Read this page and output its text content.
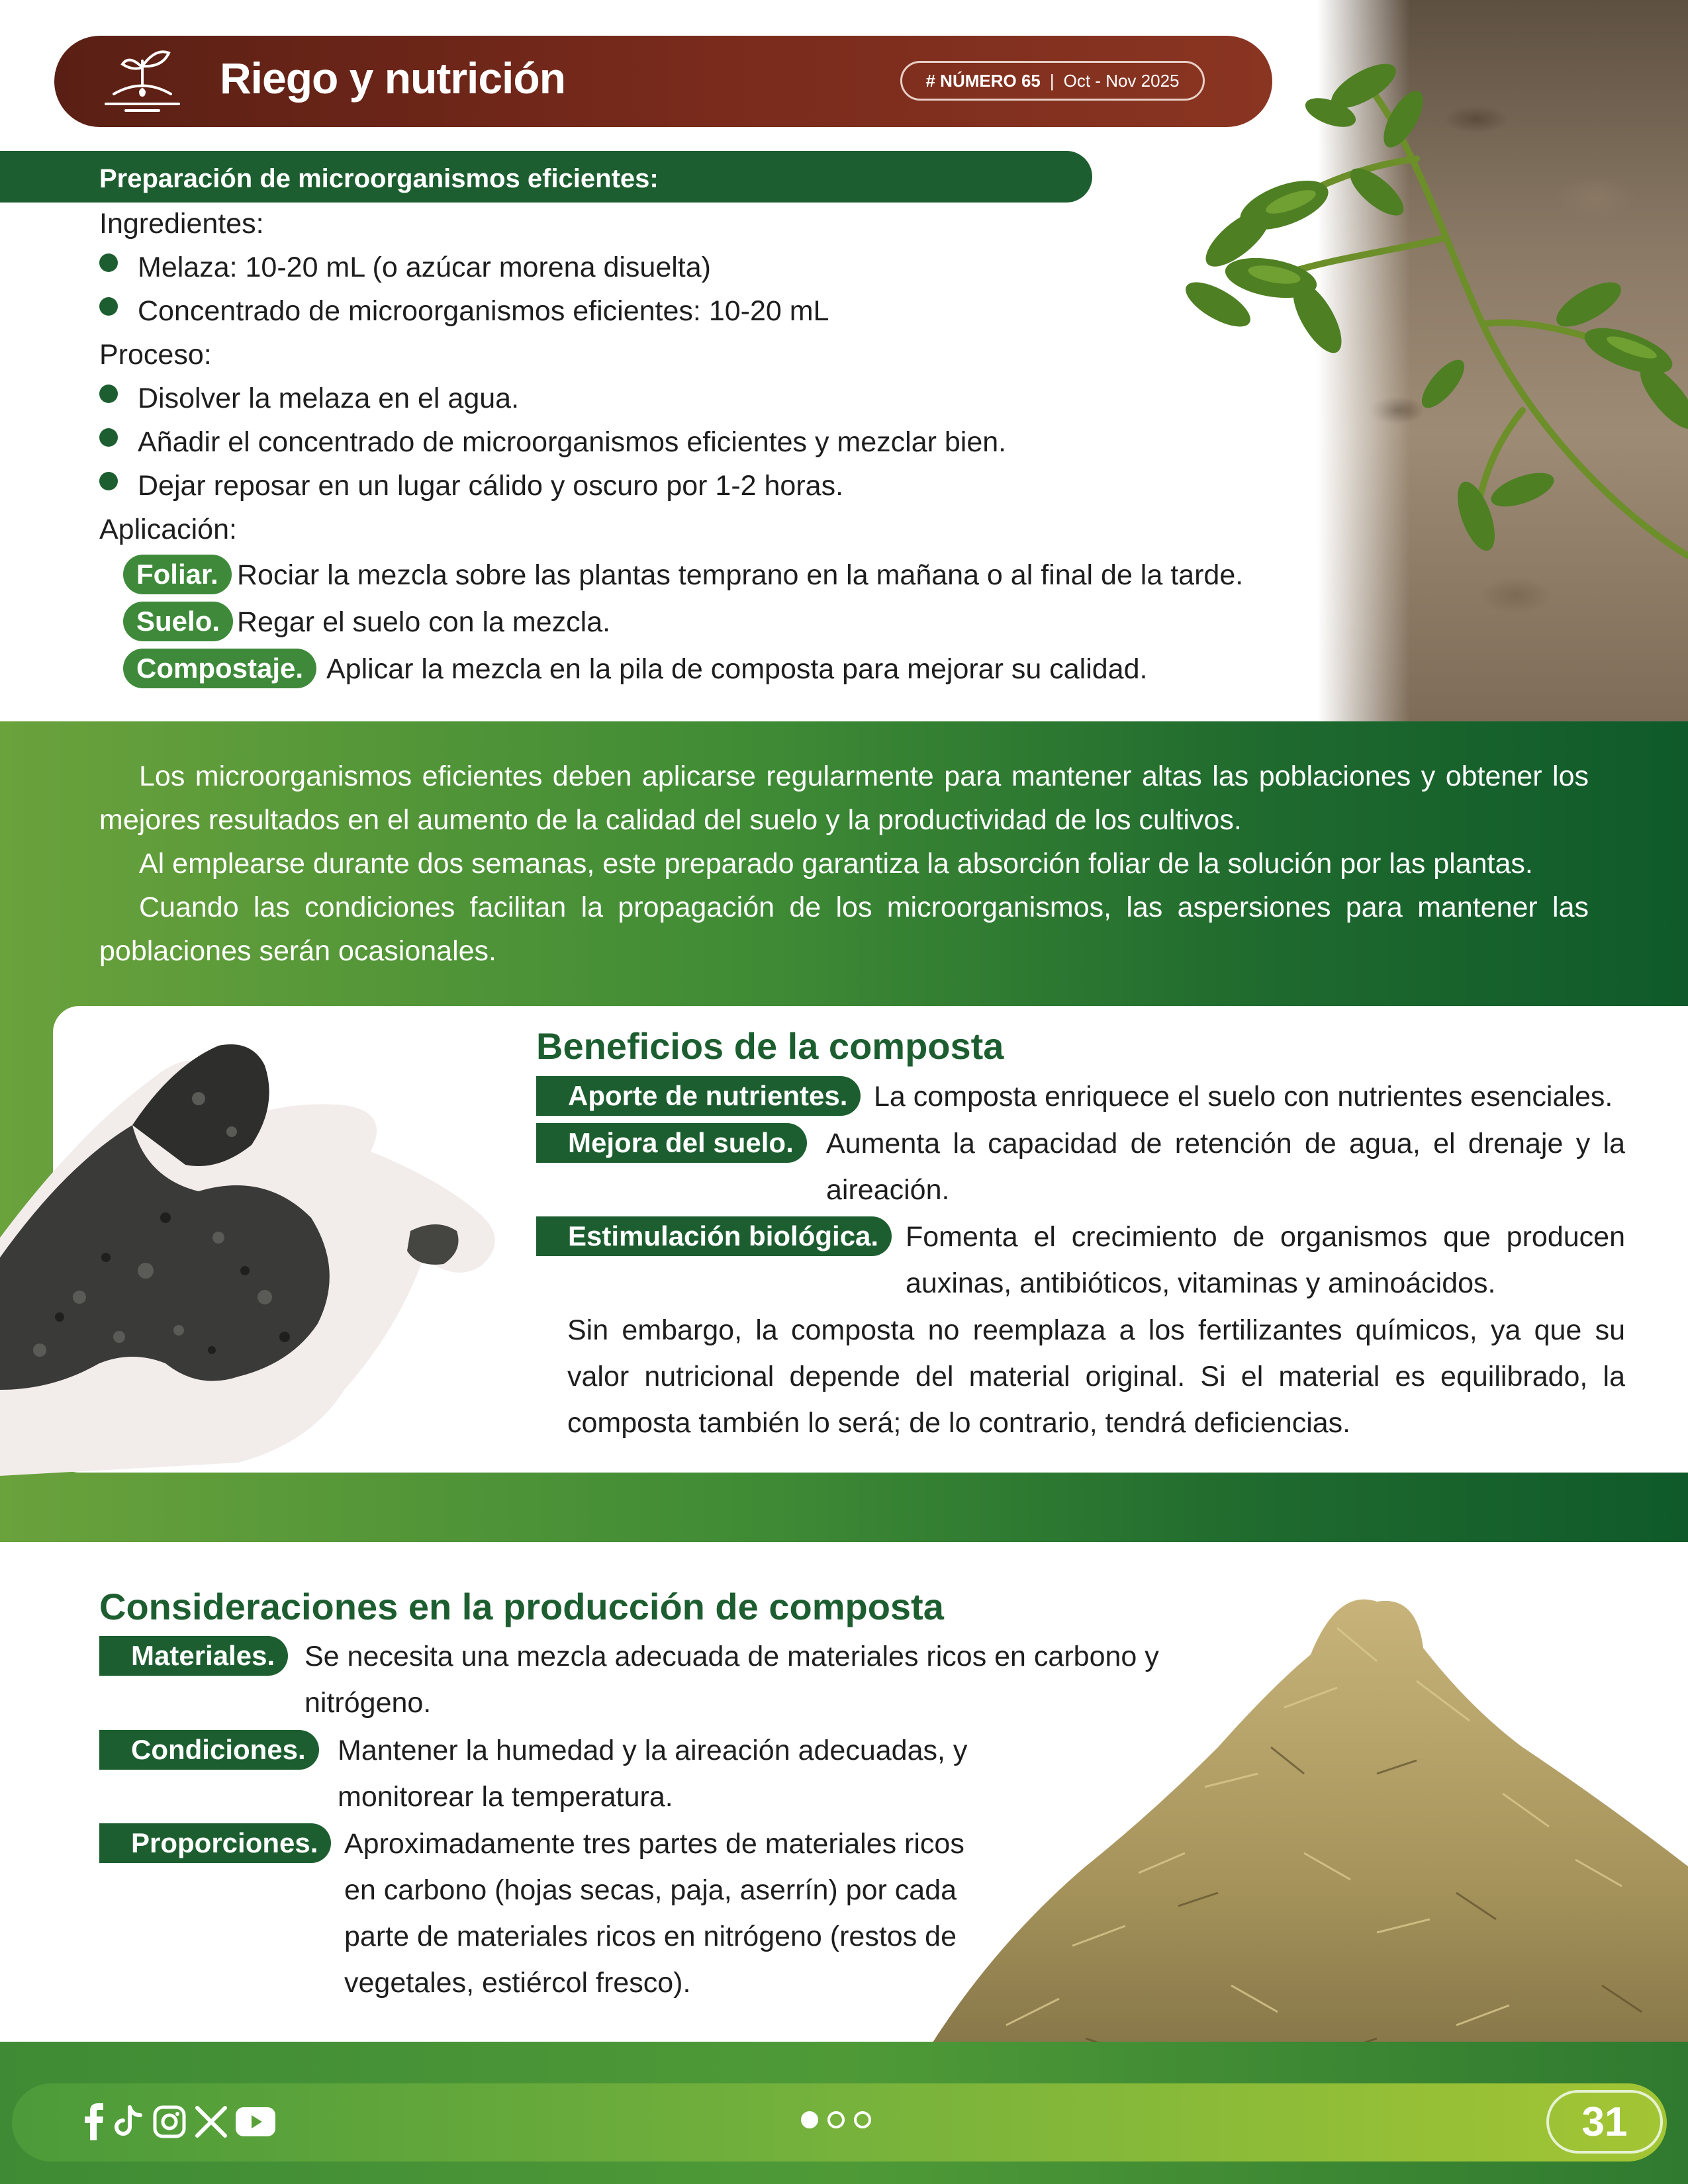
Riego y nutrición	# NÚMERO 65 | Oct - Nov 2025
Preparación de microorganismos eficientes:
Ingredientes:
Melaza: 10-20 mL (o azúcar morena disuelta)
Concentrado de microorganismos eficientes: 10-20 mL
Proceso:
Disolver la melaza en el agua.
Añadir el concentrado de microorganismos eficientes y mezclar bien.
Dejar reposar en un lugar cálido y oscuro por 1-2 horas.
Aplicación:
Foliar. Rociar la mezcla sobre las plantas temprano en la mañana o al final de la tarde.
Suelo. Regar el suelo con la mezcla.
Compostaje. Aplicar la mezcla en la pila de composta para mejorar su calidad.

Los microorganismos eficientes deben aplicarse regularmente para mantener altas las poblaciones y obtener los mejores resultados en el aumento de la calidad del suelo y la productividad de los cultivos.

Al emplearse durante dos semanas, este preparado garantiza la absorción foliar de la solución por las plantas.

Cuando las condiciones facilitan la propagación de los microorganismos, las aspersiones para mantener las poblaciones serán ocasionales.

Beneficios de la composta
Aporte de nutrientes. La composta enriquece el suelo con nutrientes esenciales.
Mejora del suelo.	Aumenta la capacidad de retención de agua, el drenaje y la aireación.
Estimulación biológica. Fomenta el crecimiento de organismos que producen auxinas, antibióticos, vitaminas y aminoácidos.
Sin embargo, la composta no reemplaza a los fertilizantes químicos, ya que su valor nutricional depende del material original. Si el material es equilibrado, la composta también lo será; de lo contrario, tendrá deficiencias.
Consideraciones en la producción de composta
Materiales.	Se necesita una mezcla adecuada de materiales ricos en carbono y nitrógeno.
Condiciones.	Mantener la humedad y la aireación adecuadas, y monitorear la temperatura.
Proporciones. Aproximadamente tres partes de materiales ricos en carbono (hojas secas, paja, aserrín) por cada parte de materiales ricos en nitrógeno (restos de vegetales, estiércol fresco).
31
